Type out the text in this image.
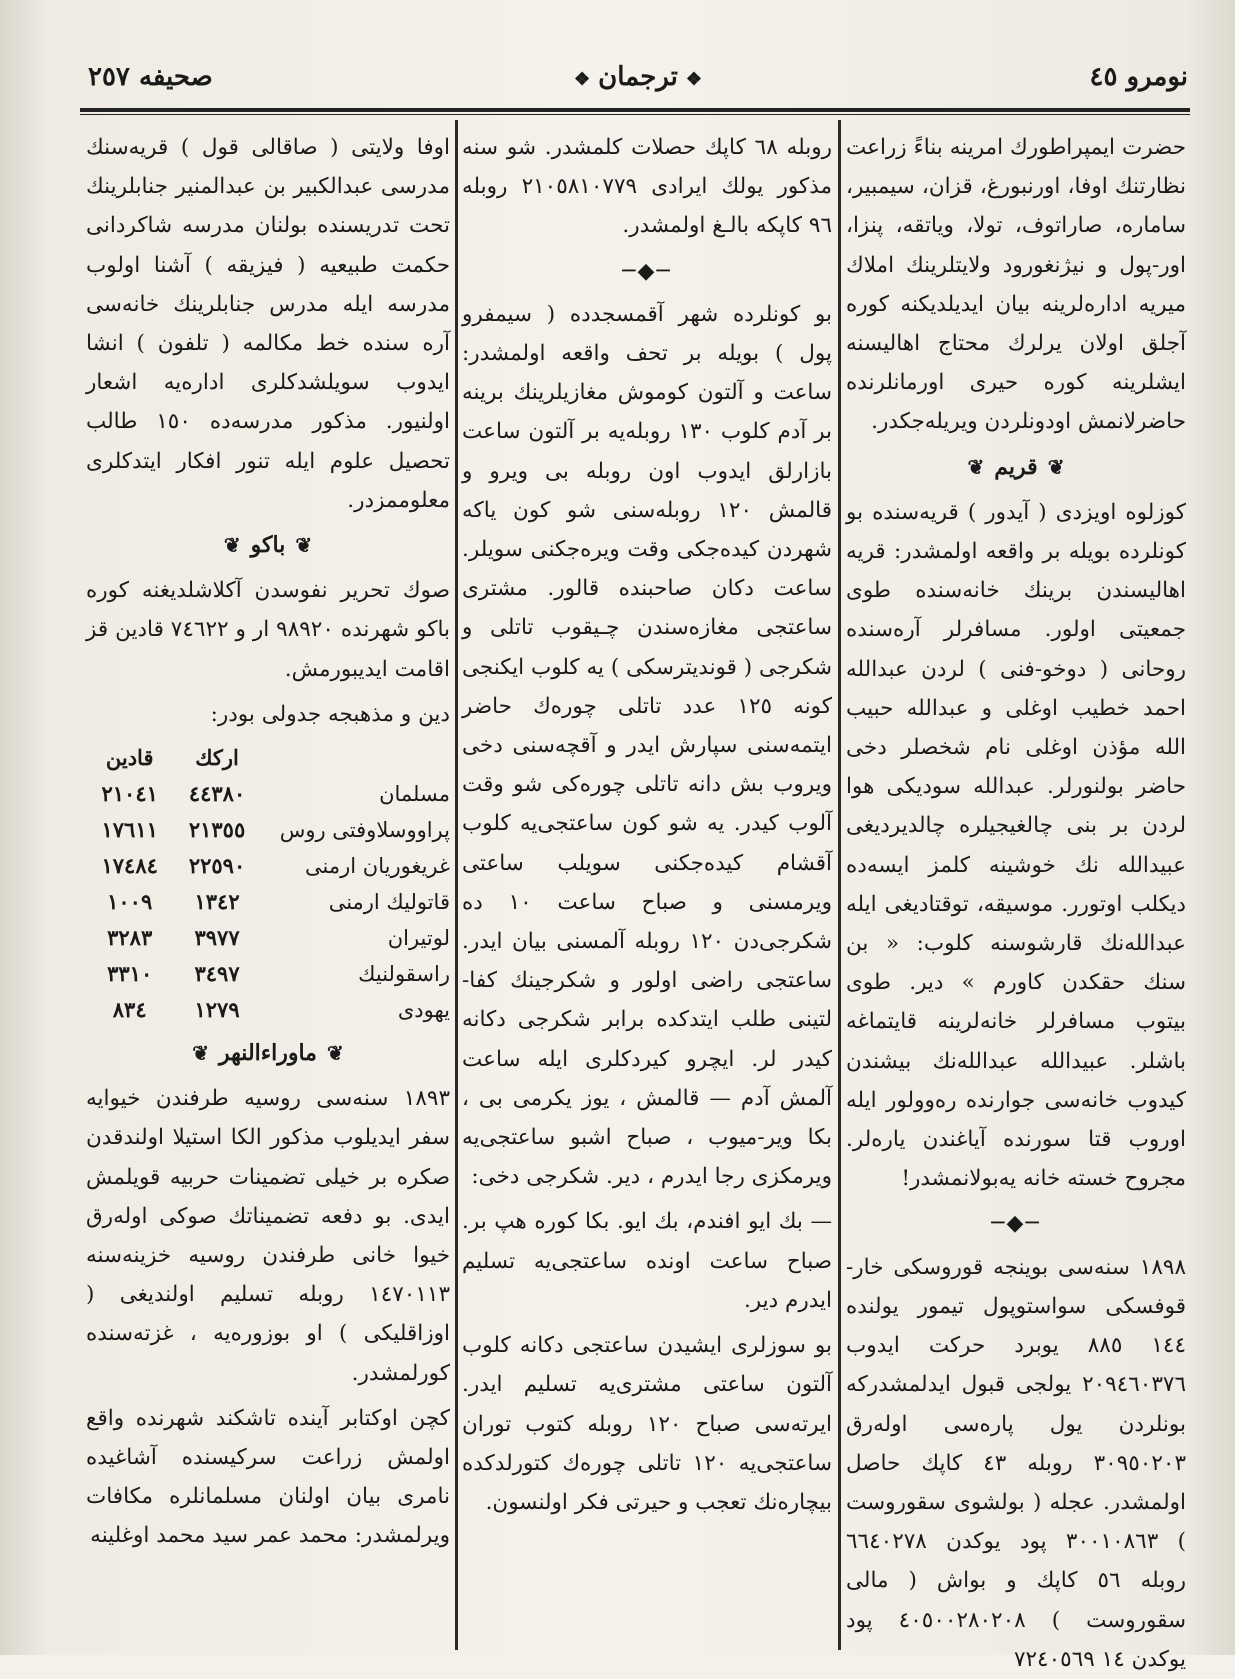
نومرو ٤٥
❖ ترجمان ❖
صحیفه ۲٥۷

حضرت ایمپراطورك امرینه بناءً زراعت نظارتنك اوفا، اورنبورغ، قزان، سیمبیر، ساماره، صاراتوف، تولا، ویاتقه، پنزا، اور-پول و نیژنغورود ولایتلرینك املاك میریه ادارەلرینه بیان ایدیلدیکنه کوره آجلق اولان یرلرك محتاج اهالیسنه ایشلرینه کوره حیری اورمانلرنده حاضرلانمش اودونلردن ویریلەجکدر.

❦ قریم ❦

کوزلوه اویزدی ( آیدور ) قریەسنده بو کونلرده بویله بر واقعه اولمشدر: قریه اهالیسندن برینك خانەسنده طوی جمعیتی اولور. مسافرلر آرەسنده روحانی ( دوخو-فنی ) لردن عبدالله احمد خطیب اوغلی و عبدالله حبیب الله مؤذن اوغلی نام شخصلر دخی حاضر بولنورلر. عبدالله سودیکی هوا لردن بر بنی چالغیجیلره چالدیردیغی عبیدالله نك خوشینه کلمز ایسه‌ده دیکلب اوتورر. موسیقه، توقتادیغی ایله عبدالله‌نك قارشوسنه کلوب: « بن سنك حقکدن کاورم » دیر. طوی بیتوب مسافرلر خانەلرینه قایتماغه باشلر. عبیدالله عبدالله‌نك بیشندن کیدوب خانەسی جوارنده رەوولور ایله اوروب قتا سورنده آیاغندن یارەلر. مجروح خسته خانه یەبولانمشدر!

─◆─

۱۸۹۸ سنەسی بوینجه قوروسکی خار-قوفسکی سواستوپول تیمور یولنده ۱٤٤ ۸۸٥ یوبرد حرکت ایدوب ۲۰۹٤٦۰۳۷٦ یولجی قبول ایدلمشدرکه بونلردن یول پارەسی اولەرق ۳۰۹٥۰۲۰۳ روبله ٤۳ کاپك حاصل اولمشدر. عجله ( بولشوی سقوروست ) ۳۰۰۱۰۸٦۳ پود یوکدن ٦٦٤۰۲۷۸ روبله ٥٦ کاپك و بواش ( مالی سقوروست ) ٤۰٥۰۰۲۸۰۲۰۸ پود یوکدن ۱٤ ۷۲٤۰٥٦۹

روبله ٦۸ کاپك حصلات کلمشدر. شو سنه مذکور یولك ایرادی ۲۱۰٥۸۱۰۷۷۹ روبله ۹٦ کاپکه بالـغ اولمشدر.

─◆─

بو کونلرده شهر آقمسجدده ( سیمفرو پول ) بویله بر تحف واقعه اولمشدر: ساعت و آلتون کوموش مغازیلرینك برینه بر آدم کلوب ۱۳۰ روبلەیه بر آلتون ساعت بازارلق ایدوب اون روبله بی ویرو و قالمش ۱۲۰ روبلەسنی شو کون یاکه شهردن کیدەجکی وقت ویرەجکنی سویلر. ساعت دکان صاحبنده قالور. مشتری ساعتجی مغازەسندن چـیقوب تاتلی و شکرجی ( قوندیترسکی ) یه کلوب ایکنجی کونه ۱۲٥ عدد تاتلی چورەك حاضر ایتمەسنی سپارش ایدر و آقچەسنی دخی ویروب بش دانه تاتلی چورەکی شو وقت آلوب کیدر. یه شو کون ساعتجی‌یه کلوب آقشام کیدەجکنی سویلب ساعتی ویرمسنی و صباح ساعت ۱۰ ده شکرجی‌دن ۱۲۰ روبله آلمسنی بیان ایدر. ساعتجی راضی اولور و شکرجینك کفا-لتینی طلب ایتدکده برابر شکرجی دکانه کیدر لر. ایچرو کیردکلری ایله ساعت آلمش آدم — قالمش ، یوز یکرمی بی ، بکا ویر-میوب ، صباح اشبو ساعتجی‌یه ویرمکزی رجا ایدرم ، دیر. شکرجی دخی:

— بك ایو افندم، بك ایو. بکا کوره هپ بر. صباح ساعت اونده ساعتجی‌یه تسلیم ایدرم دیر.

بو سوزلری ایشیدن ساعتجی دکانه کلوب آلتون ساعتی مشتری‌یه تسلیم ایدر. ایرتەسی صباح ۱۲۰ روبله کتوب توران ساعتجی‌یه ۱۲۰ تاتلی چورەك کتورلدکده بیچارەنك تعجب و حیرتی فکر اولنسون.

اوفا ولایتی ( صاقالی قول ) قریەسنك مدرسی عبدالکبیر بن عبدالمنیر جنابلرینك تحت تدریسنده بولنان مدرسه شاکردانی حکمت طبیعیه ( فیزیقه ) آشنا اولوب مدرسه ایله مدرس جنابلرینك خانەسی آره سنده خط مکالمه ( تلفون ) انشا ایدوب سویلشدکلری ادارەیه اشعار اولنیور. مذکور مدرسەده ۱٥۰ طالب تحصیل علوم ایله تنور افکار ایتدکلری معلوممزدر.

❦ باکو ❦

صوك تحریر نفوسدن آکلاشلدیغنه کوره باکو شهرنده ۹۸۹۲۰ ار و ۷٤٦۲۲ قادین قز اقامت ایدیبورمش.

دین و مذهبجه جدولی بودر:

	ارکك	قادین
مسلمان	٤٤۳۸۰	۲۱۰٤۱
پراووسلاوفتی روس	۲۱۳٥٥	۱۷٦۱۱
غریغوریان ارمنی	۲۲٥۹۰	۱۷٤۸٤
قاتولیك ارمنی	۱۳٤۲	۱۰۰۹
لوتیران	۳۹۷۷	۳۲۸۳
راسقولنیك	۳٤۹۷	۳۳۱۰
یهودی	۱۲۷۹	۸۳٤
❦ ماوراءالنهر ❦

۱۸۹۳ سنەسی روسیه طرفندن خیوایه سفر ایدیلوب مذکور الکا استیلا اولندقدن صکره بر خیلی تضمینات حربیه قویلمش ایدی. بو دفعه تضمیناتك صوکی اولەرق خیوا خانی طرفندن روسیه خزینەسنه ۱٤۷۰۱۱۳ روبله تسلیم اولندیغی ( اوزاقلیکی ) او بوزورەیه ، غزته‌سنده کورلمشدر.

کچن اوکتابر آینده تاشکند شهرنده واقع اولمش زراعت سرکیسنده آشاغیده نامری بیان اولنان مسلمانلره مکافات ویرلمشدر: محمد عمر سید محمد اوغلینه
